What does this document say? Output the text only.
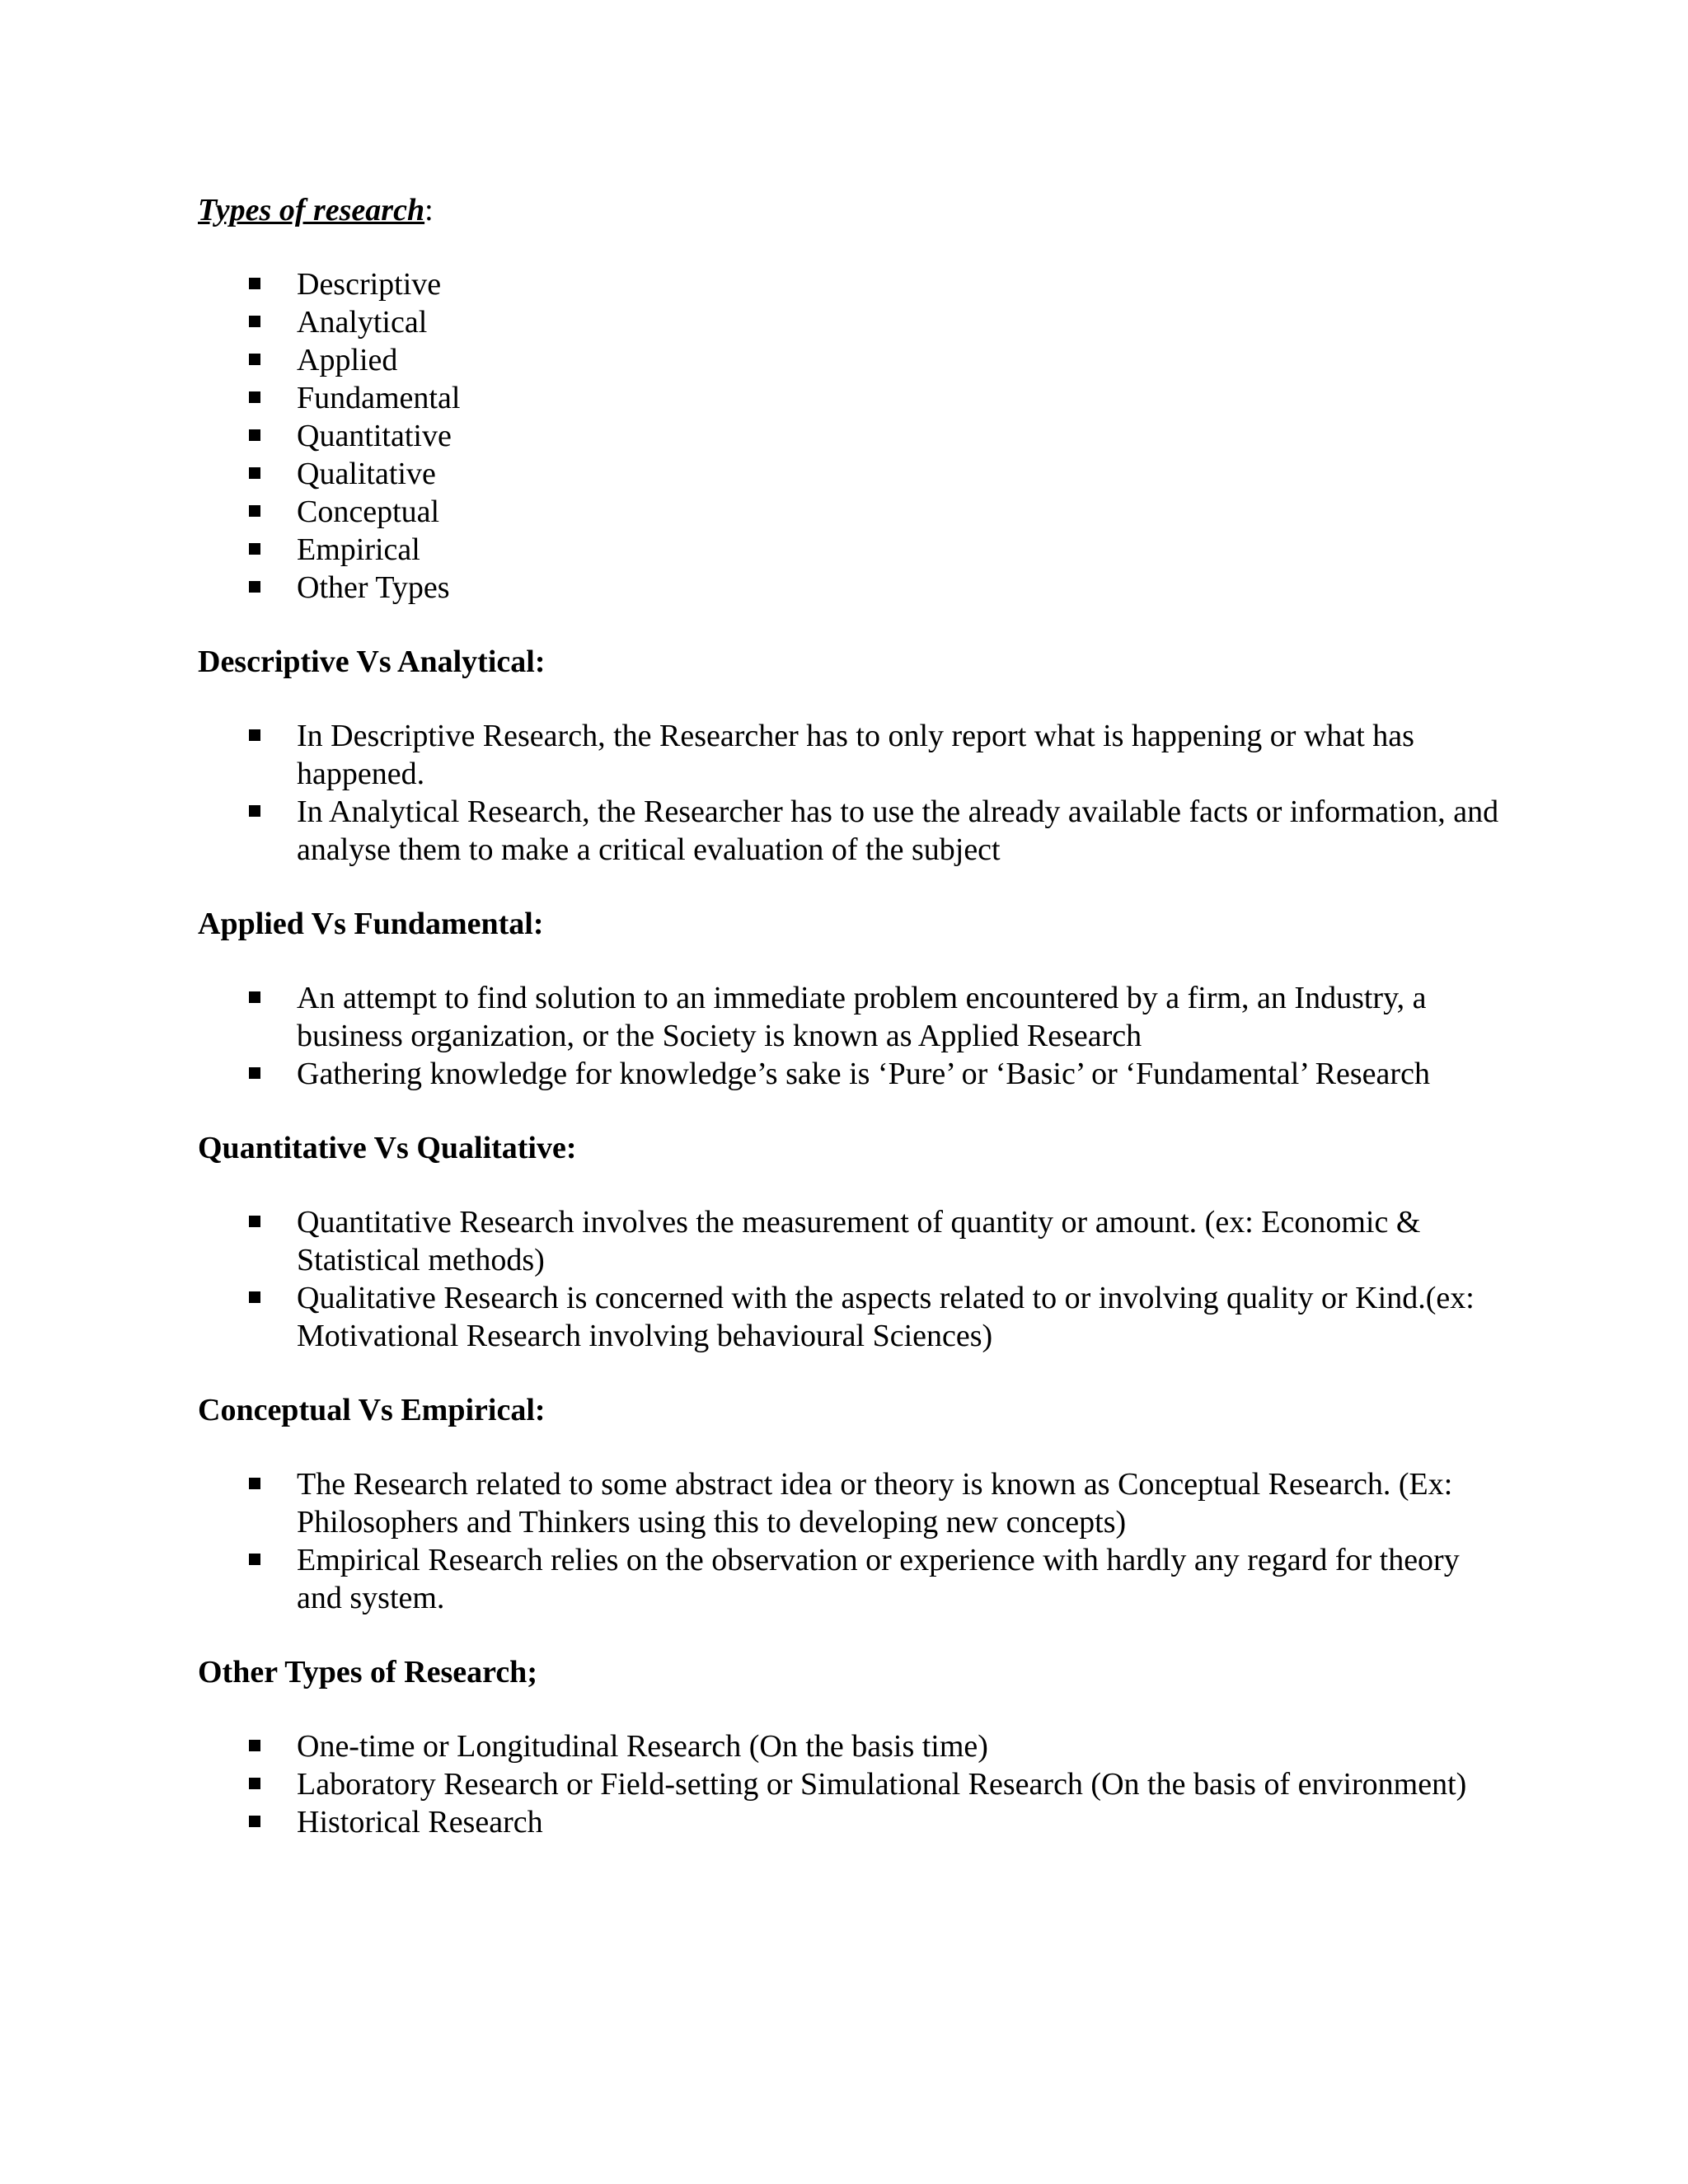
Types of research:
Descriptive
Analytical
Applied
Fundamental
Quantitative
Qualitative
Conceptual
Empirical
Other Types
Descriptive Vs Analytical:
In Descriptive Research, the Researcher has to only report what is happening or what has happened.
In Analytical Research, the Researcher has to use the already available facts or information, and analyse them to make a critical evaluation of the subject
Applied Vs Fundamental:
An attempt to find solution to an immediate problem encountered by a firm, an Industry, a business organization, or the Society is known as Applied Research
Gathering knowledge for knowledge’s sake is ‘Pure’ or ‘Basic’ or ‘Fundamental’ Research
Quantitative Vs Qualitative:
Quantitative Research involves the measurement of quantity or amount. (ex: Economic & Statistical methods)
Qualitative Research is concerned with the aspects related to or involving quality or Kind.(ex: Motivational Research involving behavioural Sciences)
Conceptual Vs Empirical:
The Research related to some abstract idea or theory is known as Conceptual Research. (Ex: Philosophers and Thinkers using this to developing new concepts)
Empirical Research relies on the observation or experience with hardly any regard for theory and system.
Other Types of Research;
One-time or Longitudinal Research (On the basis time)
Laboratory Research or Field-setting or Simulational Research (On the basis of environment)
Historical Research
